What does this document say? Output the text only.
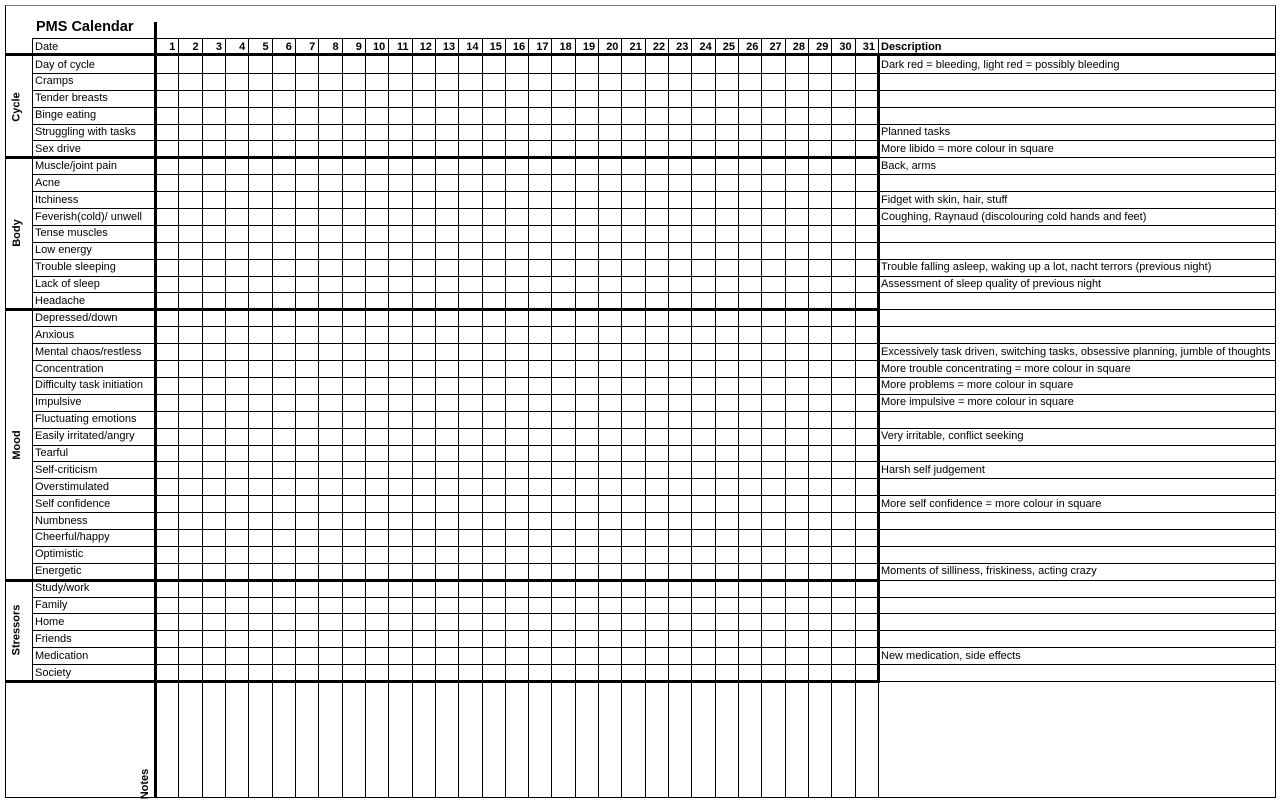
PMS Calendar
Date	1	2	3	4	5	6	7	8	9	10	11	12	13	14	15	16	17	18	19	20	21	22	23	24	25	26	27	28	29	30	31 Description
Cycle
Day of cycle	Dark red = bleeding, light red = possibly bleeding
Cramps
Tender breasts
Binge eating
Struggling with tasks	Planned tasks
Sex drive	More libido = more colour in square
Body
Muscle/joint pain	Back, arms
Acne
Itchiness	Fidget with skin, hair, stuff
Feverish(cold)/ unwell	Coughing, Raynaud (discolouring cold hands and feet)
Tense muscles
Low energy
Trouble sleeping	Trouble falling asleep, waking up a lot, nacht terrors (previous night)
Lack of sleep	Assessment of sleep quality of previous night
Headache
Mood
Depressed/down
Anxious
Mental chaos/restless	Excessively task driven, switching tasks, obsessive planning, jumble of thoughts
Concentration	More trouble concentrating = more colour in square
Difficulty task initiation	More problems = more colour in square
Impulsive	More impulsive = more colour in square
Fluctuating emotions
Easily irritated/angry	Very irritable, conflict seeking
Tearful
Self-criticism	Harsh self judgement
Overstimulated
Self confidence	More self confidence = more colour in square
Numbness
Cheerful/happy
Optimistic
Energetic	Moments of silliness, friskiness, acting crazy
Stressors
Study/work
Family
Home
Friends
Medication	New medication, side effects
Society
Notes
